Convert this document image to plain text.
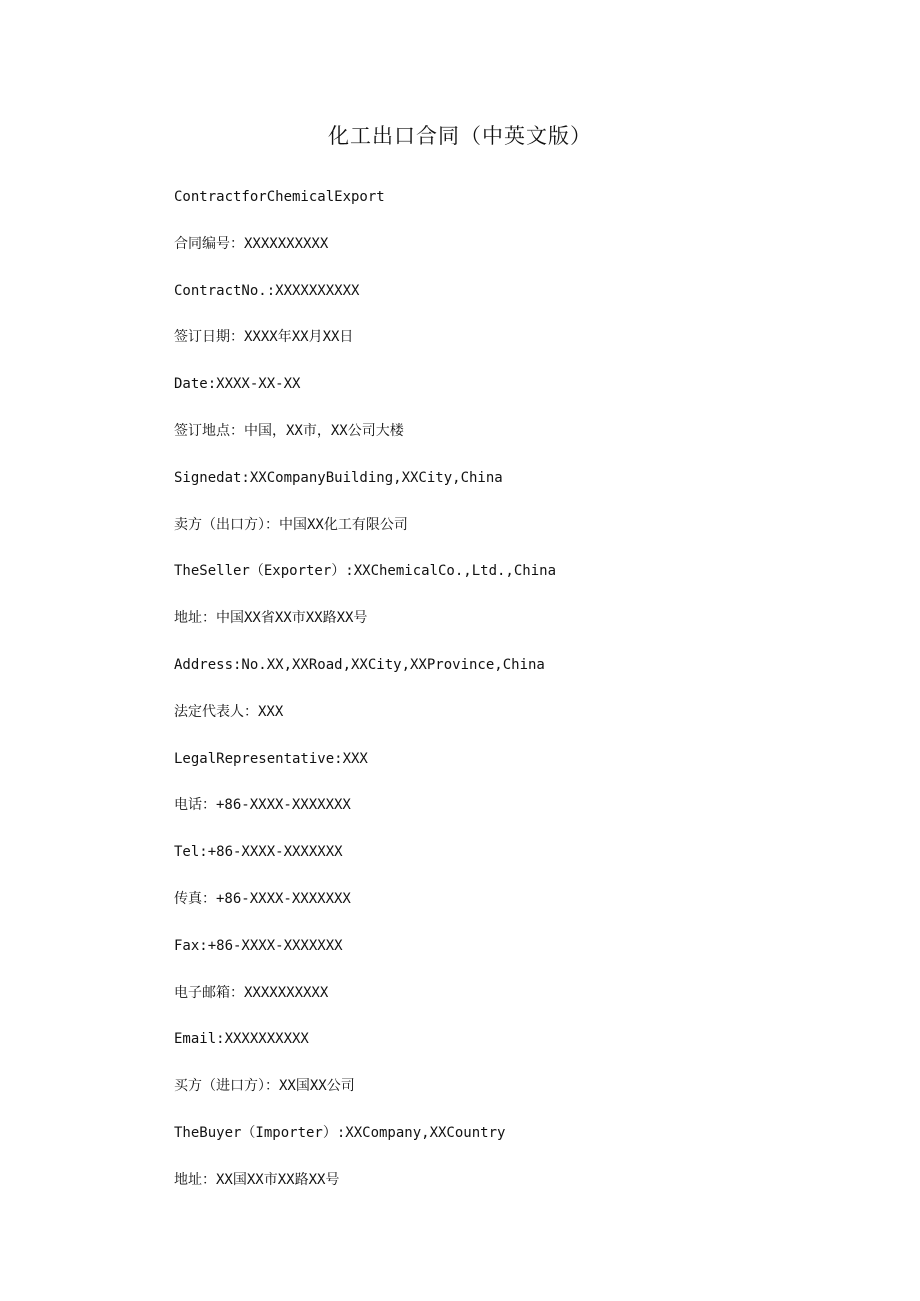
化工出口合同（中英文版）
ContractforChemicalExport
合同编号：XXXXXXXXXX
ContractNo.:XXXXXXXXXX
签订日期：XXXX年XX月XX日
Date:XXXX-XX-XX
签订地点：中国，XX市，XX公司大楼
Signedat:XXCompanyBuilding,XXCity,China
卖方（出口方）：中国XX化工有限公司
TheSeller（Exporter）:XXChemicalCo.,Ltd.,China
地址：中国XX省XX市XX路XX号
Address:No.XX,XXRoad,XXCity,XXProvince,China
法定代表人：XXX
LegalRepresentative:XXX
电话：+86-XXXX-XXXXXXX
Tel:+86-XXXX-XXXXXXX
传真：+86-XXXX-XXXXXXX
Fax:+86-XXXX-XXXXXXX
电子邮箱：XXXXXXXXXX
Email:XXXXXXXXXX
买方（进口方）：XX国XX公司
TheBuyer（Importer）:XXCompany,XXCountry
地址：XX国XX市XX路XX号
